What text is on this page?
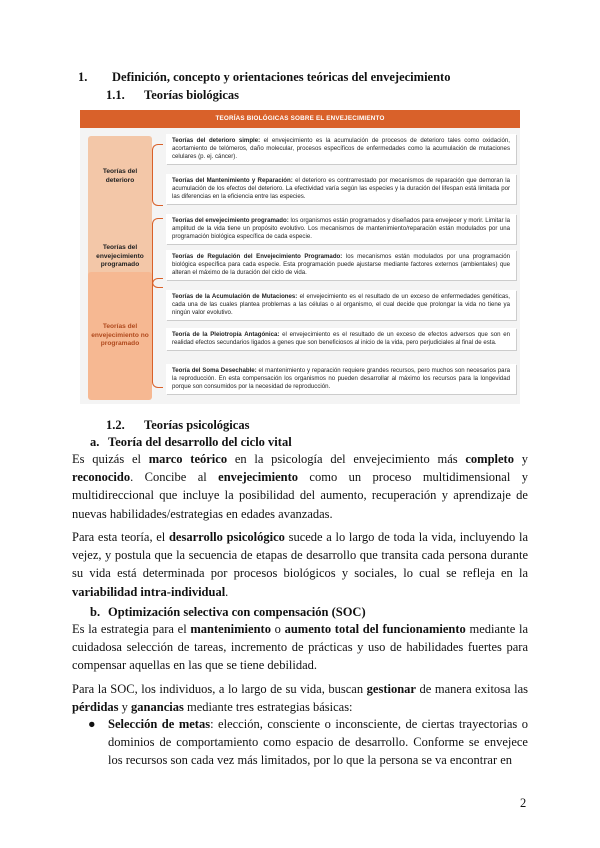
1. Definición, concepto y orientaciones teóricas del envejecimiento
1.1. Teorías biológicas
TEORÍAS BIOLÓGICAS SOBRE EL ENVEJECIMIENTO
Teorías del deterioro
Teorías del envejecimiento programado
Teorías del envejecimiento no programado
Teorías del deterioro simple: el envejecimiento es la acumulación de procesos de deterioro tales como oxidación, acortamiento de telómeros, daño molecular, procesos específicos de enfermedades como la acumulación de mutaciones celulares (p. ej. cáncer).
Teorías del Mantenimiento y Reparación: el deterioro es contrarrestado por mecanismos de reparación que demoran la acumulación de los efectos del deterioro. La efectividad varía según las especies y la duración del lifespan está limitada por las diferencias en la eficiencia entre las especies.
Teorías del envejecimiento programado: los organismos están programados y diseñados para envejecer y morir. Limitar la amplitud de la vida tiene un propósito evolutivo. Los mecanismos de mantenimiento/reparación están modulados por una programación biológica específica de cada especie.
Teorías de Regulación del Envejecimiento Programado: los mecanismos están modulados por una programación biológica específica para cada especie. Esta programación puede ajustarse mediante factores externos (ambientales) que alteran el máximo de la duración del ciclo de vida.
Teorías de la Acumulación de Mutaciones: el envejecimiento es el resultado de un exceso de enfermedades genéticas, cada una de las cuales plantea problemas a las células o al organismo, el cual decide que prolongar la vida no tiene ya ningún valor evolutivo.
Teoría de la Pleiotropía Antagónica: el envejecimiento es el resultado de un exceso de efectos adversos que son en realidad efectos secundarios ligados a genes que son beneficiosos al inicio de la vida, pero perjudiciales al final de esta.
Teoría del Soma Desechable: el mantenimiento y reparación requiere grandes recursos, pero muchos son necesarios para la reproducción. En esta compensación los organismos no pueden desarrollar al máximo los recursos para la longevidad porque son consumidos por la necesidad de reproducción.
1.2. Teorías psicológicas
a. Teoría del desarrollo del ciclo vital
Es quizás el marco teórico en la psicología del envejecimiento más completo y reconocido. Concibe al envejecimiento como un proceso multidimensional y multidireccional que incluye la posibilidad del aumento, recuperación y aprendizaje de nuevas habilidades/estrategias en edades avanzadas.
Para esta teoría, el desarrollo psicológico sucede a lo largo de toda la vida, incluyendo la vejez, y postula que la secuencia de etapas de desarrollo que transita cada persona durante su vida está determinada por procesos biológicos y sociales, lo cual se refleja en la variabilidad intra-individual.
b. Optimización selectiva con compensación (SOC)
Es la estrategia para el mantenimiento o aumento total del funcionamiento mediante la cuidadosa selección de tareas, incremento de prácticas y uso de habilidades fuertes para compensar aquellas en las que se tiene debilidad.
Para la SOC, los individuos, a lo largo de su vida, buscan gestionar de manera exitosa las pérdidas y ganancias mediante tres estrategias básicas:
● Selección de metas: elección, consciente o inconsciente, de ciertas trayectorias o dominios de comportamiento como espacio de desarrollo. Conforme se envejece los recursos son cada vez más limitados, por lo que la persona se va encontrar en
2
